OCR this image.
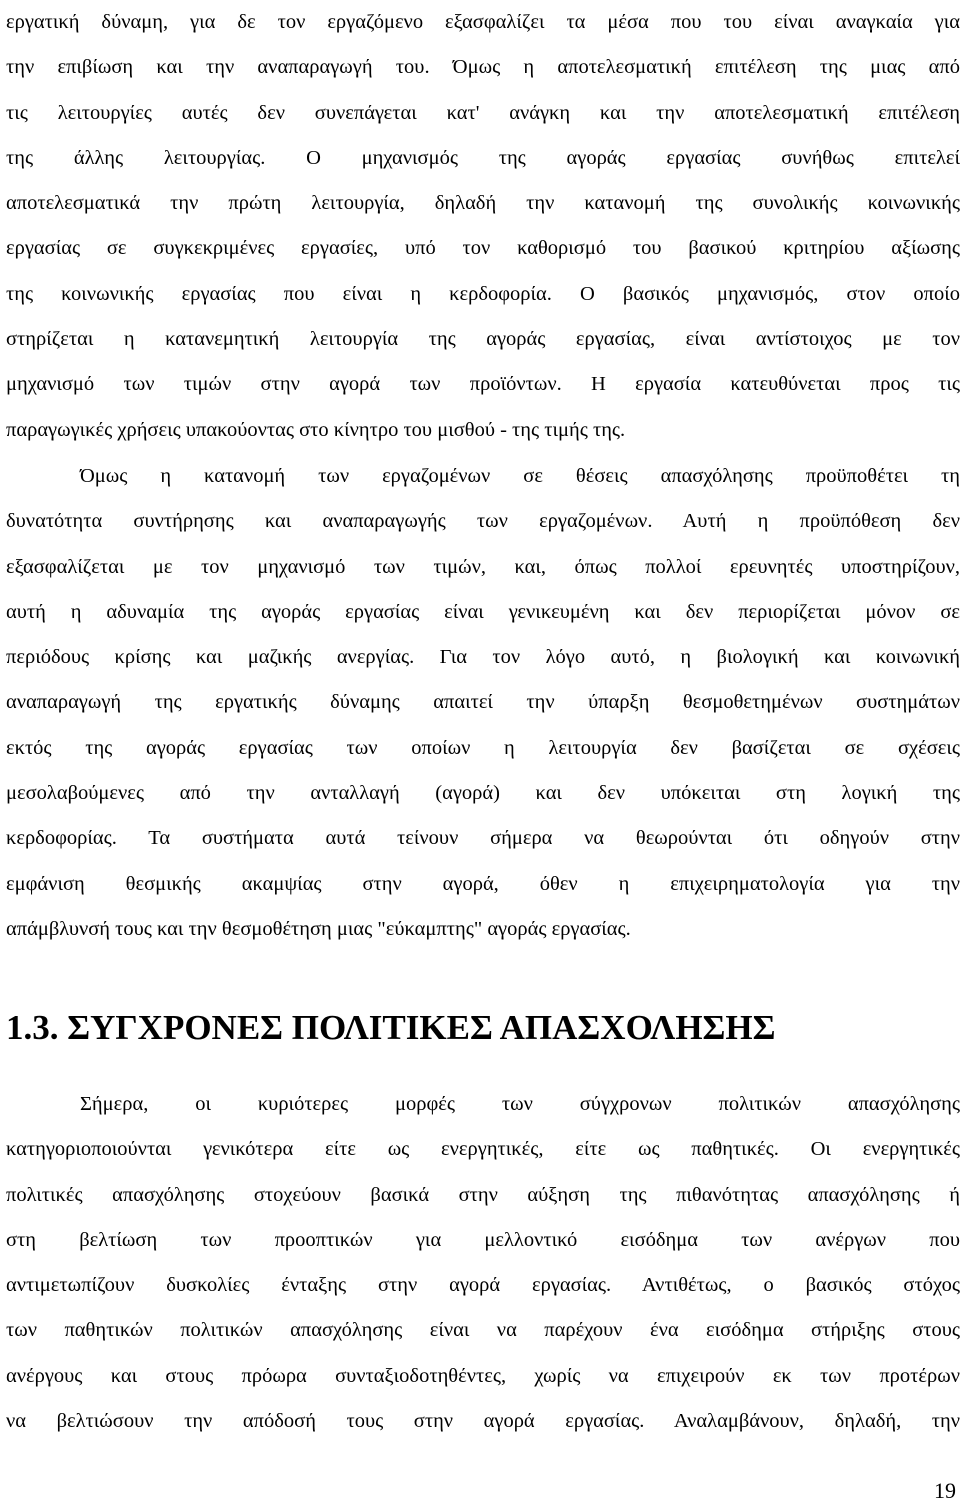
εργατική δύναμη, για δε τον εργαζόμενο εξασφαλίζει τα μέσα που του είναι αναγκαία για
την επιβίωση και την αναπαραγωγή του. Όμως η αποτελεσματική επιτέλεση της μιας από
τις λειτουργίες αυτές δεν συνεπάγεται κατ' ανάγκη και την αποτελεσματική επιτέλεση
της άλλης λειτουργίας. Ο μηχανισμός της αγοράς εργασίας συνήθως επιτελεί
αποτελεσματικά την πρώτη λειτουργία, δηλαδή την κατανομή της συνολικής κοινωνικής
εργασίας σε συγκεκριμένες εργασίες, υπό τον καθορισμό του βασικού κριτηρίου αξίωσης
της κοινωνικής εργασίας που είναι η κερδοφορία. Ο βασικός μηχανισμός, στον οποίο
στηρίζεται η κατανεμητική λειτουργία της αγοράς εργασίας, είναι αντίστοιχος με τον
μηχανισμό των τιμών στην αγορά των προϊόντων. Η εργασία κατευθύνεται προς τις
παραγωγικές χρήσεις υπακούοντας στο κίνητρο του μισθού - της τιμής της.
Όμως η κατανομή των εργαζομένων σε θέσεις απασχόλησης προϋποθέτει τη
δυνατότητα συντήρησης και αναπαραγωγής των εργαζομένων. Αυτή η προϋπόθεση δεν
εξασφαλίζεται με τον μηχανισμό των τιμών, και, όπως πολλοί ερευνητές υποστηρίζουν,
αυτή η αδυναμία της αγοράς εργασίας είναι γενικευμένη και δεν περιορίζεται μόνον σε
περιόδους κρίσης και μαζικής ανεργίας. Για τον λόγο αυτό, η βιολογική και κοινωνική
αναπαραγωγή της εργατικής δύναμης απαιτεί την ύπαρξη θεσμοθετημένων συστημάτων
εκτός της αγοράς εργασίας των οποίων η λειτουργία δεν βασίζεται σε σχέσεις
μεσολαβούμενες από την ανταλλαγή (αγορά) και δεν υπόκειται στη λογική της
κερδοφορίας. Τα συστήματα αυτά τείνουν σήμερα να θεωρούνται ότι οδηγούν στην
εμφάνιση θεσμικής ακαμψίας στην αγορά, όθεν η επιχειρηματολογία για την
απάμβλυνσή τους και την θεσμοθέτηση μιας "εύκαμπτης" αγοράς εργασίας.
1.3. ΣΥΓΧΡΟΝΕΣ ΠΟΛΙΤΙΚΕΣ ΑΠΑΣΧΟΛΗΣΗΣ
Σήμερα, οι κυριότερες μορφές των σύγχρονων πολιτικών απασχόλησης
κατηγοριοποιούνται γενικότερα είτε ως ενεργητικές, είτε ως παθητικές. Οι ενεργητικές
πολιτικές απασχόλησης στοχεύουν βασικά στην αύξηση της πιθανότητας απασχόλησης ή
στη βελτίωση των προοπτικών για μελλοντικό εισόδημα των ανέργων που
αντιμετωπίζουν δυσκολίες ένταξης στην αγορά εργασίας. Αντιθέτως, ο βασικός στόχος
των παθητικών πολιτικών απασχόλησης είναι να παρέχουν ένα εισόδημα στήριξης στους
ανέργους και στους πρόωρα συνταξιοδοτηθέντες, χωρίς να επιχειρούν εκ των προτέρων
να βελτιώσουν την απόδοσή τους στην αγορά εργασίας. Αναλαμβάνουν, δηλαδή, την
19
